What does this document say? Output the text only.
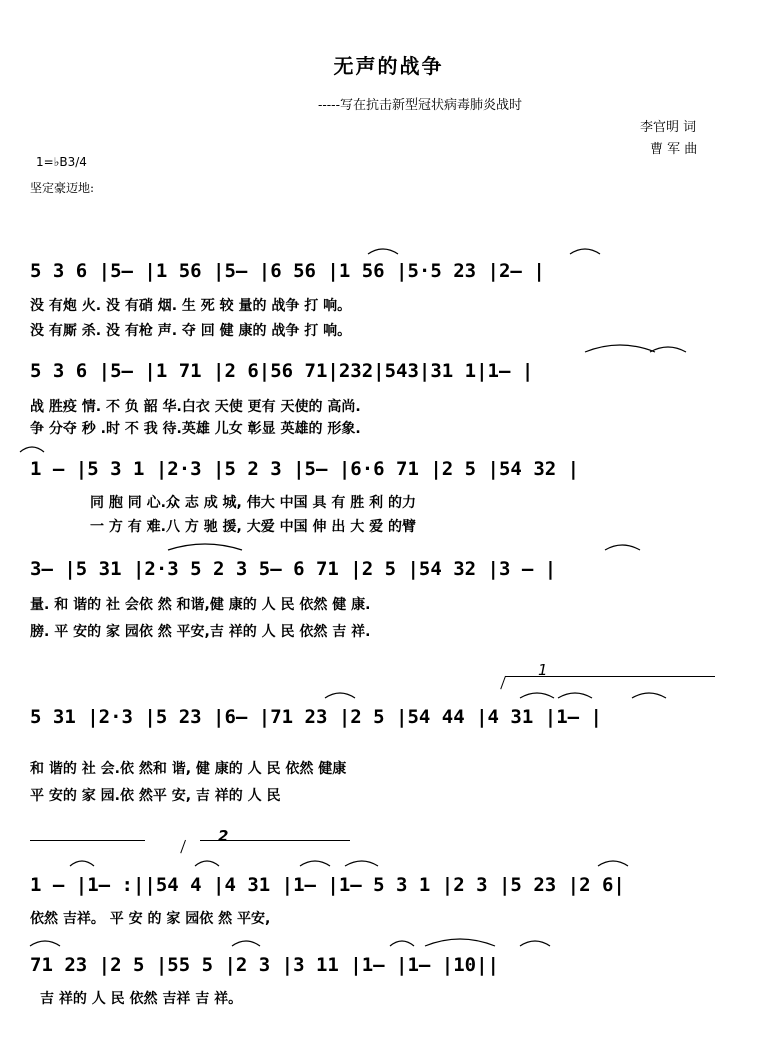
无声的战争
-----写在抗击新型冠状病毒肺炎战时
李官明 词
曹 军 曲
1=♭B3/4
坚定豪迈地:
5 3 6 |5– |1 56 |5– |6 56 |1 56 |5·5 23 |2– |
没 有炮 火. 没 有硝 烟. 生 死 较 量的 战争 打 响。
没 有厮 杀. 没 有枪 声. 夺 回 健 康的 战争 打 响。
5 3 6 |5– |1 71 |2 6|56 71|232|543|31 1|1– |
战 胜疫 情. 不 负 韶 华.白衣 天使 更有 天使的 高尚.
争 分夺 秒 .时 不 我 待.英雄 儿女 彰显 英雄的 形象.
1 – |5 3 1 |2·3 |5 2 3 |5– |6·6 71 |2 5 |54 32 |
同 胞 同 心.众 志 成 城, 伟大 中国 具 有 胜 利 的力
一 方 有 难.八 方 驰 援, 大爱 中国 伸 出 大 爱 的臂
3– |5 31 |2·3 5 2 3 5– 6 71 |2 5 |54 32 |3 – |
量. 和 谐的 社 会依 然 和谐,健 康的 人 民 依然 健 康.
膀. 平 安的 家 园依 然 平安,吉 祥的 人 民 依然 吉 祥.
1
5 31 |2·3 |5 23 |6– |71 23 |2 5 |54 44 |4 31 |1– |
和 谐的 社 会.依 然和 谐, 健 康的 人 民 依然 健康
平 安的 家 园.依 然平 安, 吉 祥的 人 民
2
1 – |1– :||54 4 |4 31 |1– |1– 5 3 1 |2 3 |5 23 |2 6|
依然 吉祥。 平 安 的 家 园依 然 平安,
71 23 |2 5 |55 5 |2 3 |3 11 |1– |1– |10||
吉 祥的 人 民 依然 吉祥 吉 祥。
